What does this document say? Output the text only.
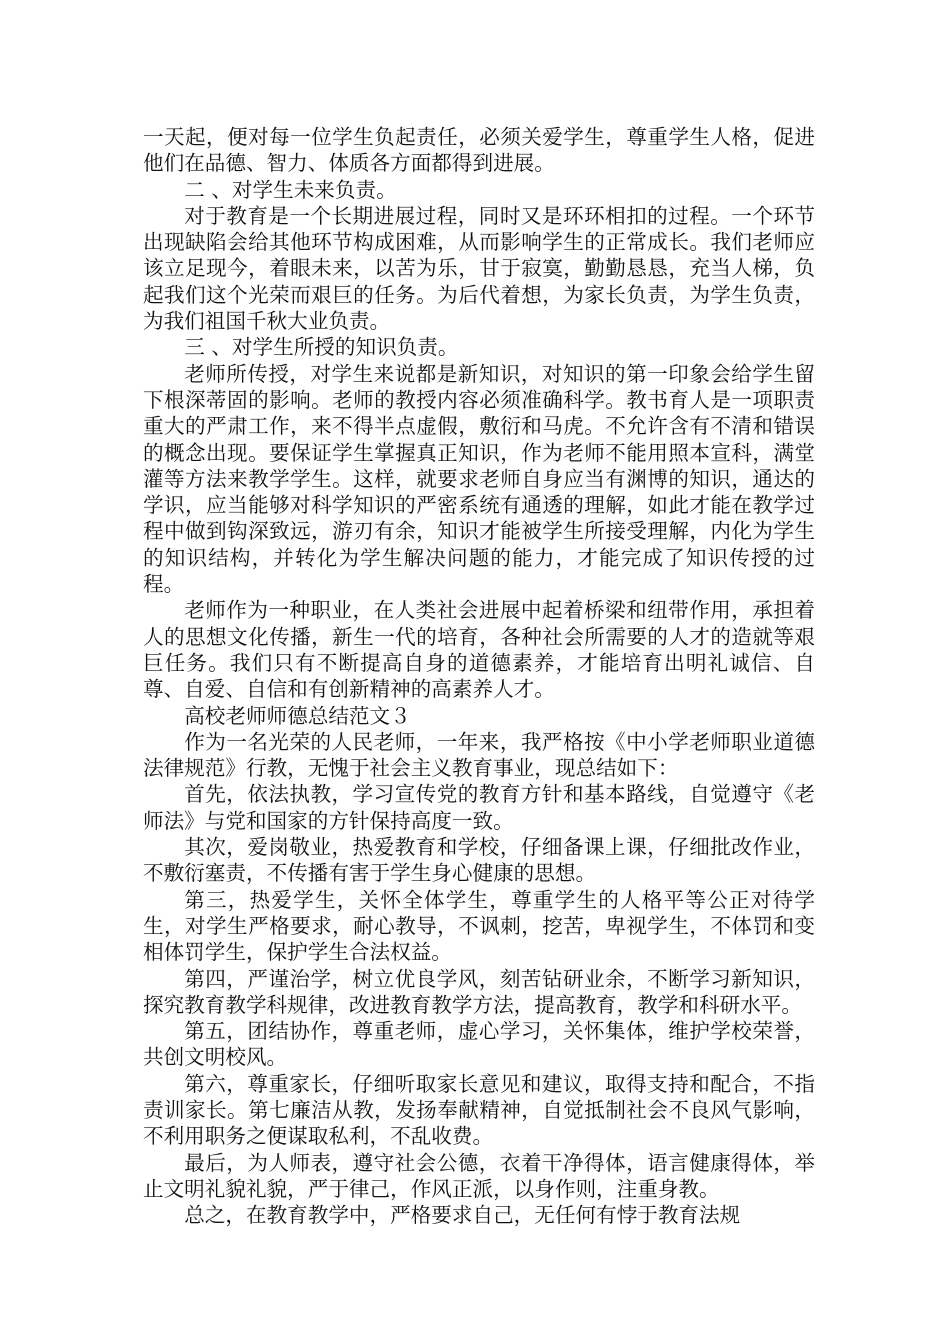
一天起，便对每一位学生负起责任，必须关爱学生，尊重学生人格，促进他们在品德、智力、体质各方面都得到进展。

二 、对学生未来负责。

对于教育是一个长期进展过程，同时又是环环相扣的过程。一个环节出现缺陷会给其他环节构成困难，从而影响学生的正常成长。我们老师应该立足现今，着眼未来，以苦为乐，甘于寂寞，勤勤恳恳，充当人梯，负起我们这个光荣而艰巨的任务。为后代着想，为家长负责，为学生负责，为我们祖国千秋大业负责。

三 、对学生所授的知识负责。

老师所传授，对学生来说都是新知识，对知识的第一印象会给学生留下根深蒂固的影响。老师的教授内容必须准确科学。教书育人是一项职责重大的严肃工作，来不得半点虚假，敷衍和马虎。不允许含有不清和错误的概念出现。要保证学生掌握真正知识，作为老师不能用照本宣科，满堂灌等方法来教学学生。这样，就要求老师自身应当有渊博的知识，通达的学识，应当能够对科学知识的严密系统有通透的理解，如此才能在教学过程中做到钩深致远，游刃有余，知识才能被学生所接受理解，内化为学生的知识结构，并转化为学生解决问题的能力，才能完成了知识传授的过程。

老师作为一种职业，在人类社会进展中起着桥梁和纽带作用，承担着人的思想文化传播，新生一代的培育，各种社会所需要的人才的造就等艰巨任务。我们只有不断提高自身的道德素养，才能培育出明礼诚信、自尊、自爱、自信和有创新精神的高素养人才。

高校老师师德总结范文３

作为一名光荣的人民老师，一年来，我严格按《中小学老师职业道德法律规范》行教，无愧于社会主义教育事业，现总结如下：

首先，依法执教，学习宣传党的教育方针和基本路线，自觉遵守《老师法》与党和国家的方针保持高度一致。

其次，爱岗敬业，热爱教育和学校，仔细备课上课，仔细批改作业，不敷衍塞责，不传播有害于学生身心健康的思想。

第三，热爱学生，关怀全体学生，尊重学生的人格平等公正对待学生，对学生严格要求，耐心教导，不讽刺，挖苦，卑视学生，不体罚和变相体罚学生，保护学生合法权益。

第四，严谨治学，树立优良学风，刻苦钻研业余，不断学习新知识，探究教育教学科规律，改进教育教学方法，提高教育，教学和科研水平。

第五，团结协作，尊重老师，虚心学习，关怀集体，维护学校荣誉，共创文明校风。

第六，尊重家长，仔细听取家长意见和建议，取得支持和配合，不指责训家长。第七廉洁从教，发扬奉献精神，自觉抵制社会不良风气影响，不利用职务之便谋取私利，不乱收费。

最后，为人师表，遵守社会公德，衣着干净得体，语言健康得体，举止文明礼貌礼貌，严于律己，作风正派，以身作则，注重身教。

总之，在教育教学中，严格要求自己，无任何有悖于教育法规
